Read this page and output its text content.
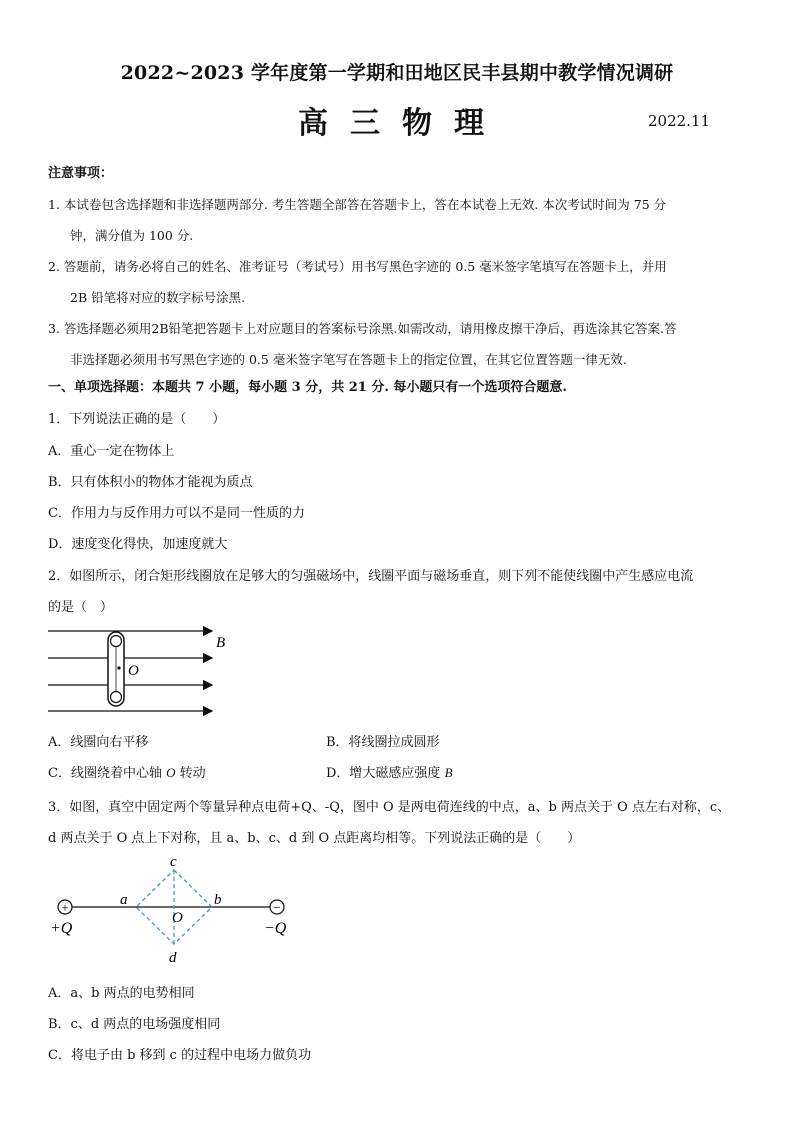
2022~2023 学年度第一学期和田地区民丰县期中教学情况调研
高三物理	2022.11
注意事项：
1. 本试卷包含选择题和非选择题两部分. 考生答题全部答在答题卡上，答在本试卷上无效. 本次考试时间为 75 分
钟，满分值为 100 分.
2. 答题前，请务必将自己的姓名、准考证号（考试号）用书写黑色字迹的 0.5 毫米签字笔填写在答题卡上，并用
2B 铅笔将对应的数字标号涂黑.
3. 答选择题必须用2B铅笔把答题卡上对应题目的答案标号涂黑.如需改动，请用橡皮擦干净后，再选涂其它答案.答
非选择题必须用书写黑色字迹的 0.5 毫米签字笔写在答题卡上的指定位置，在其它位置答题一律无效.
一、单项选择题：本题共 7 小题，每小题 3 分，共 21 分. 每小题只有一个选项符合题意.
1．下列说法正确的是（　　）
A．重心一定在物体上
B．只有体积小的物体才能视为质点
C．作用力与反作用力可以不是同一性质的力
D．速度变化得快，加速度就大
2．如图所示，闭合矩形线圈放在足够大的匀强磁场中，线圈平面与磁场垂直，则下列不能使线圈中产生感应电流
的是（　）
O
B
A．线圈向右平移	B．将线圈拉成圆形
C．线圈绕着中心轴 O 转动	D．增大磁感应强度 B
3．如图，真空中固定两个等量异种点电荷+Q、-Q，图中 O 是两电荷连线的中点，a、b 两点关于 O 点左右对称，c、
d 两点关于 O 点上下对称，且 a、b、c、d 到 O 点距离均相等。下列说法正确的是（　　）
+	−
+Q	−Q
c
a
O
b
d
A．a、b 两点的电势相同
B．c、d 两点的电场强度相同
C．将电子由 b 移到 c 的过程中电场力做负功
